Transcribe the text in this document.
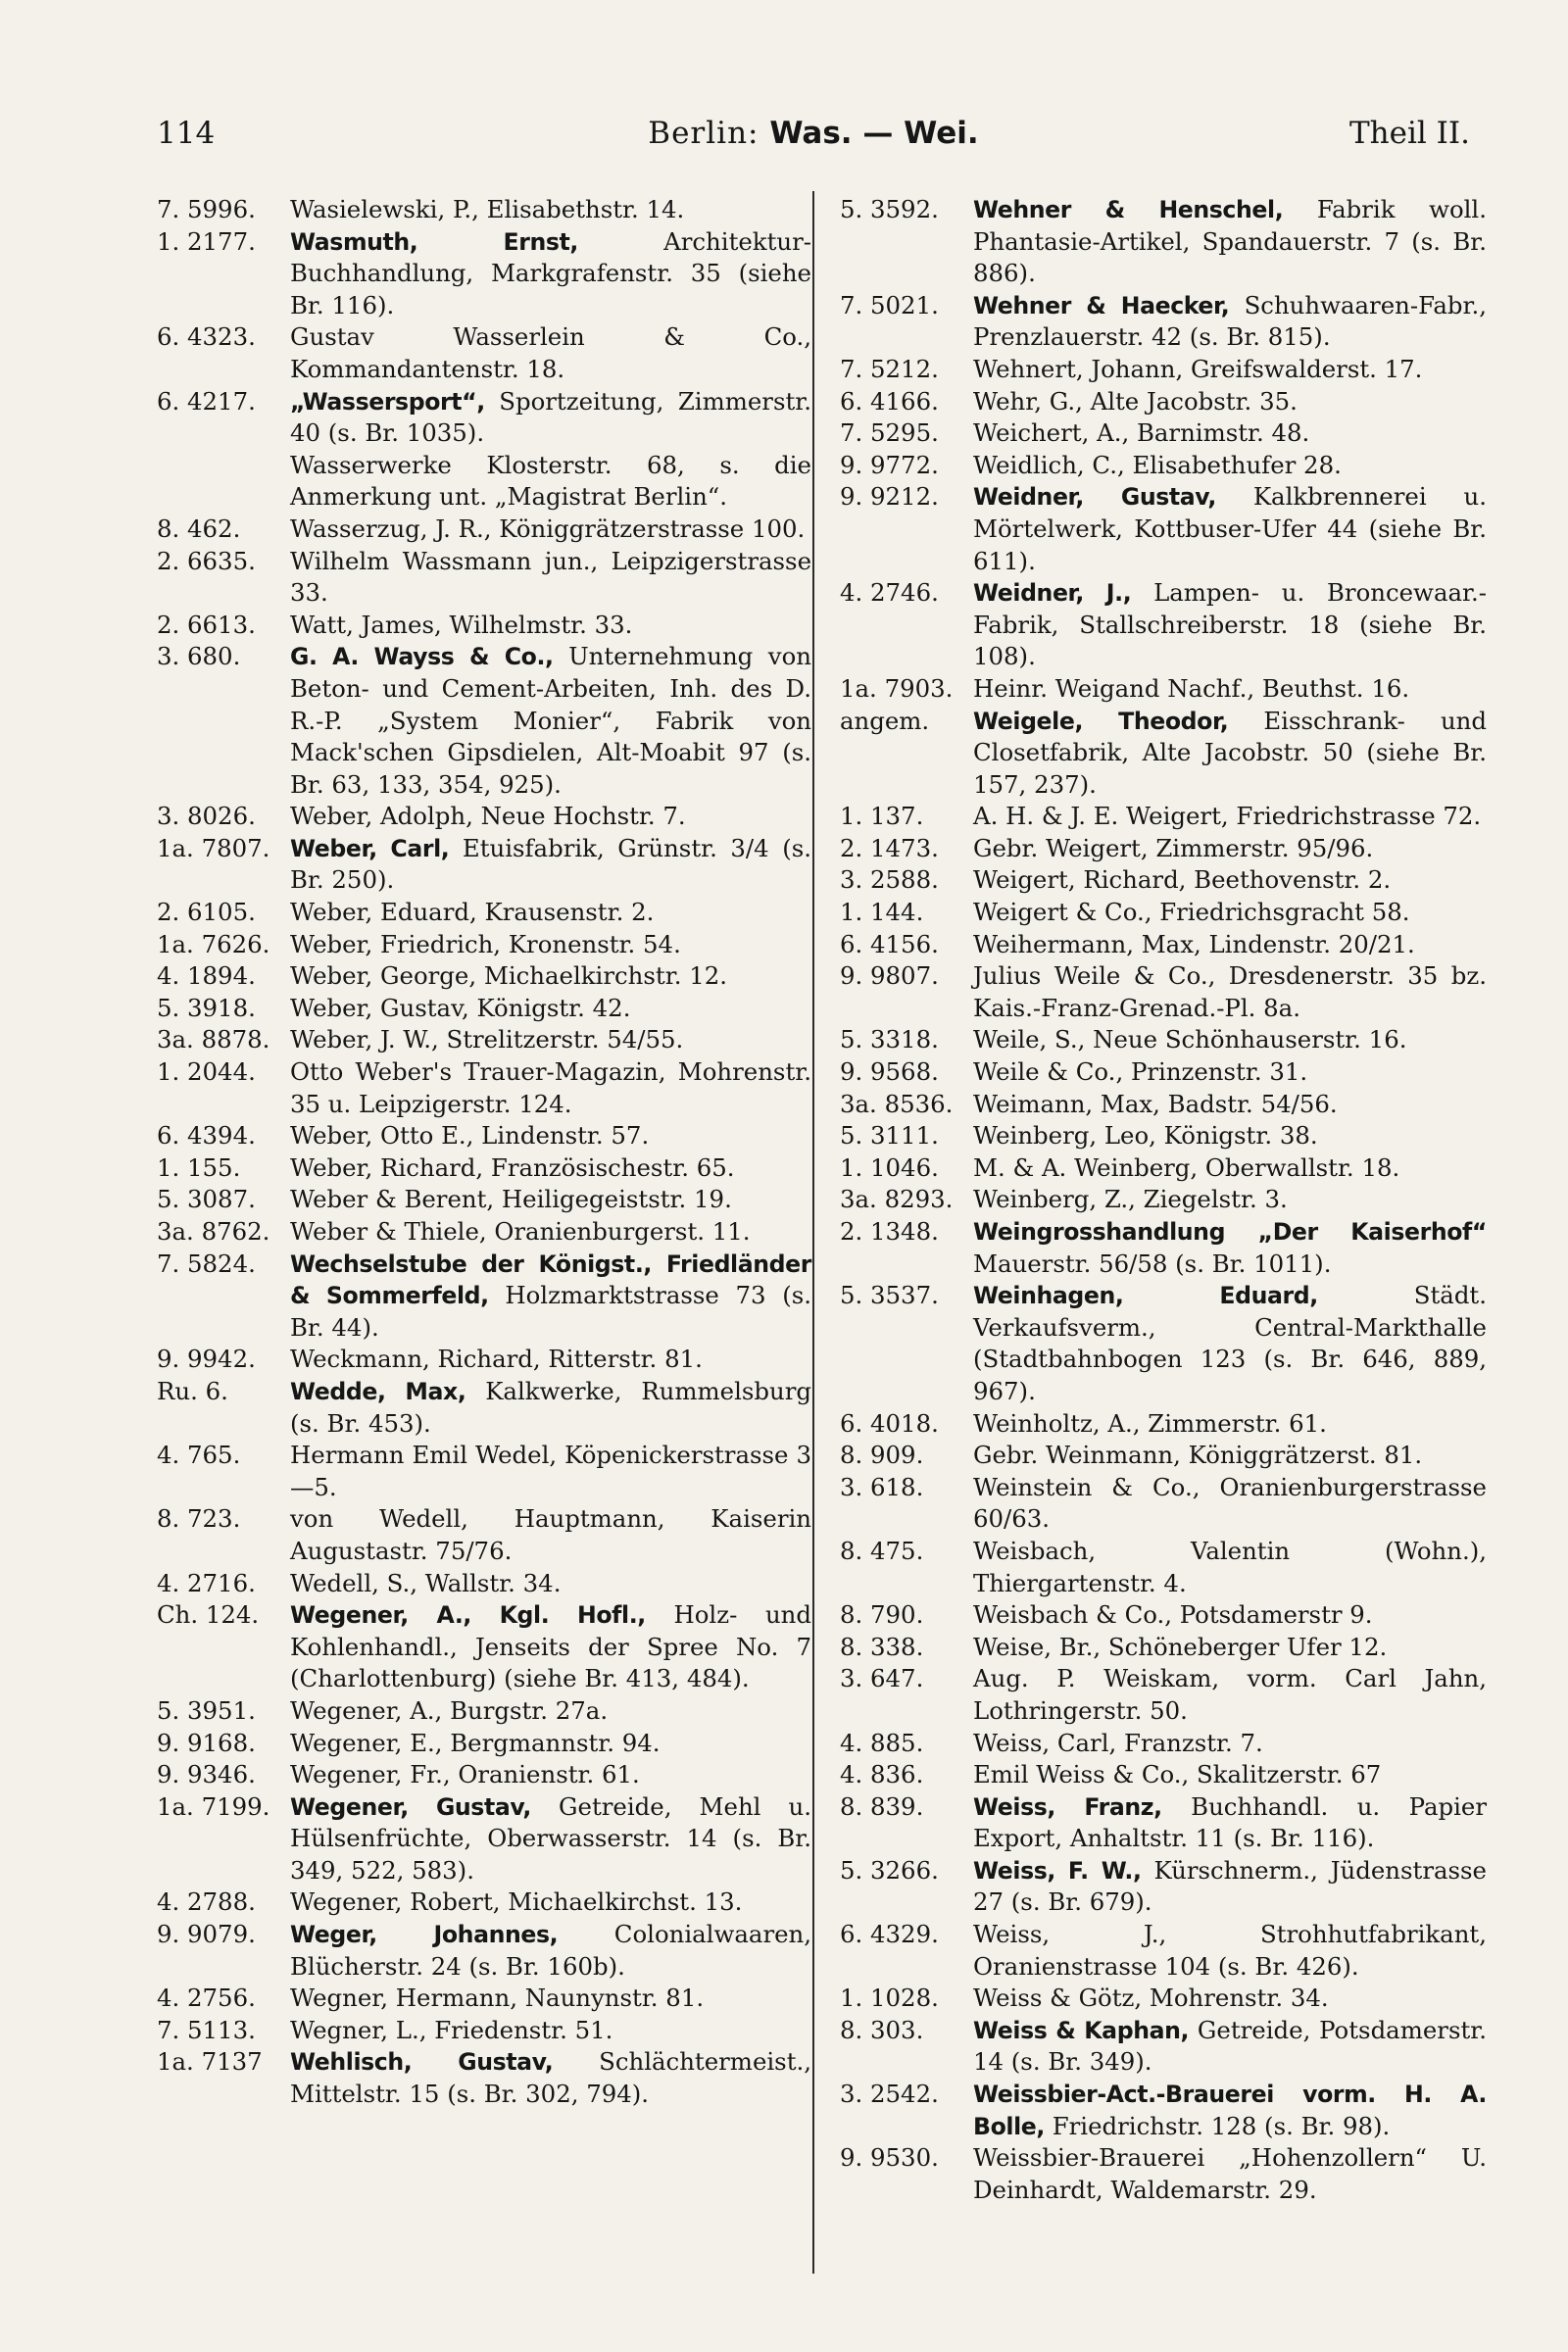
114	Berlin: Was. — Wei.	Theil II.

7. 5996.	Wasielewski, P., Elisabethstr. 14.

1. 2177.	Wasmuth, Ernst, Architektur-Buchhandlung, Markgrafenstr. 35 (siehe Br. 116).

6. 4323.	Gustav Wasserlein & Co., Kommandantenstr. 18.

6. 4217.	„Wassersport“, Sportzeitung, Zimmerstr. 40 (s. Br. 1035).

Wasserwerke Klosterstr. 68, s. die Anmerkung unt. „Magistrat Berlin“.

8. 462.	Wasserzug, J. R., Königgrätzerstrasse 100.

2. 6635.	Wilhelm Wassmann jun., Leipzigerstrasse 33.

2. 6613.	Watt, James, Wilhelmstr. 33.

3. 680.	G. A. Wayss & Co., Unternehmung von Beton- und Cement-Arbeiten, Inh. des D. R.-P. „System Monier“, Fabrik von Mack'schen Gipsdielen, Alt-Moabit 97 (s. Br. 63, 133, 354, 925).

3. 8026.	Weber, Adolph, Neue Hochstr. 7.

1a. 7807. Weber, Carl, Etuisfabrik, Grünstr. 3/4 (s. Br. 250).

2. 6105.	Weber, Eduard, Krausenstr. 2.

1a. 7626. Weber, Friedrich, Kronenstr. 54.

4. 1894.	Weber, George, Michaelkirchstr. 12.

5. 3918.	Weber, Gustav, Königstr. 42.

3a. 8878. Weber, J. W., Strelitzerstr. 54/55.

1. 2044.	Otto Weber's Trauer-Magazin, Mohrenstr. 35 u. Leipzigerstr. 124.

6. 4394.	Weber, Otto E., Lindenstr. 57.

1. 155.	Weber, Richard, Französischestr. 65.

5. 3087.	Weber & Berent, Heiligegeiststr. 19.

3a. 8762. Weber & Thiele, Oranienburgerst. 11.

7. 5824.	Wechselstube der Königst., Friedländer & Sommerfeld, Holzmarktstrasse 73 (s. Br. 44).

9. 9942.	Weckmann, Richard, Ritterstr. 81.

Ru. 6.	Wedde, Max, Kalkwerke, Rummelsburg (s. Br. 453).

4. 765.	Hermann Emil Wedel, Köpenickerstrasse 3—5.

8. 723.	von Wedell, Hauptmann, Kaiserin Augustastr. 75/76.

4. 2716.	Wedell, S., Wallstr. 34.

Ch. 124.	Wegener, A., Kgl. Hofl., Holz- und Kohlenhandl., Jenseits der Spree No. 7 (Charlottenburg) (siehe Br. 413, 484).

5. 3951.	Wegener, A., Burgstr. 27a.

9. 9168.	Wegener, E., Bergmannstr. 94.

9. 9346.	Wegener, Fr., Oranienstr. 61.

1a. 7199. Wegener, Gustav, Getreide, Mehl u. Hülsenfrüchte, Oberwasserstr. 14 (s. Br. 349, 522, 583).

4. 2788.	Wegener, Robert, Michaelkirchst. 13.

9. 9079.	Weger, Johannes, Colonialwaaren, Blücherstr. 24 (s. Br. 160b).

4. 2756.	Wegner, Hermann, Naunynstr. 81.

7. 5113.	Wegner, L., Friedenstr. 51.

1a. 7137	Wehlisch, Gustav, Schlächtermeist., Mittelstr. 15 (s. Br. 302, 794).

5. 3592.	Wehner & Henschel, Fabrik woll. Phantasie-Artikel, Spandauerstr. 7 (s. Br. 886).

7. 5021.	Wehner & Haecker, Schuhwaaren-Fabr., Prenzlauerstr. 42 (s. Br. 815).

7. 5212.	Wehnert, Johann, Greifswalderst. 17.

6. 4166.	Wehr, G., Alte Jacobstr. 35.

7. 5295.	Weichert, A., Barnimstr. 48.

9. 9772.	Weidlich, C., Elisabethufer 28.

9. 9212.	Weidner, Gustav, Kalkbrennerei u. Mörtelwerk, Kottbuser-Ufer 44 (siehe Br. 611).

4. 2746.	Weidner, J., Lampen- u. Broncewaar.-Fabrik, Stallschreiberstr. 18 (siehe Br. 108).

1a. 7903. Heinr. Weigand Nachf., Beuthst. 16.

angem.	Weigele, Theodor, Eisschrank- und Closetfabrik, Alte Jacobstr. 50 (siehe Br. 157, 237).

1. 137.	A. H. & J. E. Weigert, Friedrichstrasse 72.

2. 1473.	Gebr. Weigert, Zimmerstr. 95/96.

3. 2588.	Weigert, Richard, Beethovenstr. 2.

1. 144.	Weigert & Co., Friedrichsgracht 58.

6. 4156.	Weihermann, Max, Lindenstr. 20/21.

9. 9807.	Julius Weile & Co., Dresdenerstr. 35 bz. Kais.-Franz-Grenad.-Pl. 8a.

5. 3318.	Weile, S., Neue Schönhauserstr. 16.

9. 9568.	Weile & Co., Prinzenstr. 31.

3a. 8536. Weimann, Max, Badstr. 54/56.

5. 3111.	Weinberg, Leo, Königstr. 38.

1. 1046.	M. & A. Weinberg, Oberwallstr. 18.

3a. 8293. Weinberg, Z., Ziegelstr. 3.

2. 1348.	Weingrosshandlung „Der Kaiserhof“ Mauerstr. 56/58 (s. Br. 1011).

5. 3537.	Weinhagen, Eduard, Städt. Verkaufsverm., Central-Markthalle (Stadtbahnbogen 123 (s. Br. 646, 889, 967).

6. 4018.	Weinholtz, A., Zimmerstr. 61.

8. 909.	Gebr. Weinmann, Königgrätzerst. 81.

3. 618.	Weinstein & Co., Oranienburgerstrasse 60/63.

8. 475.	Weisbach, Valentin (Wohn.), Thiergartenstr. 4.

8. 790.	Weisbach & Co., Potsdamerstr 9.

8. 338.	Weise, Br., Schöneberger Ufer 12.

3. 647.	Aug. P. Weiskam, vorm. Carl Jahn, Lothringerstr. 50.

4. 885.	Weiss, Carl, Franzstr. 7.

4. 836.	Emil Weiss & Co., Skalitzerstr. 67

8. 839.	Weiss, Franz, Buchhandl. u. Papier Export, Anhaltstr. 11 (s. Br. 116).

5. 3266.	Weiss, F. W., Kürschnerm., Jüdenstrasse 27 (s. Br. 679).

6. 4329.	Weiss, J., Strohhutfabrikant, Oranienstrasse 104 (s. Br. 426).

1. 1028.	Weiss & Götz, Mohrenstr. 34.

8. 303.	Weiss & Kaphan, Getreide, Potsdamerstr. 14 (s. Br. 349).

3. 2542.	Weissbier-Act.-Brauerei vorm. H. A. Bolle, Friedrichstr. 128 (s. Br. 98).

9. 9530.	Weissbier-Brauerei „Hohenzollern“ U. Deinhardt, Waldemarstr. 29.
